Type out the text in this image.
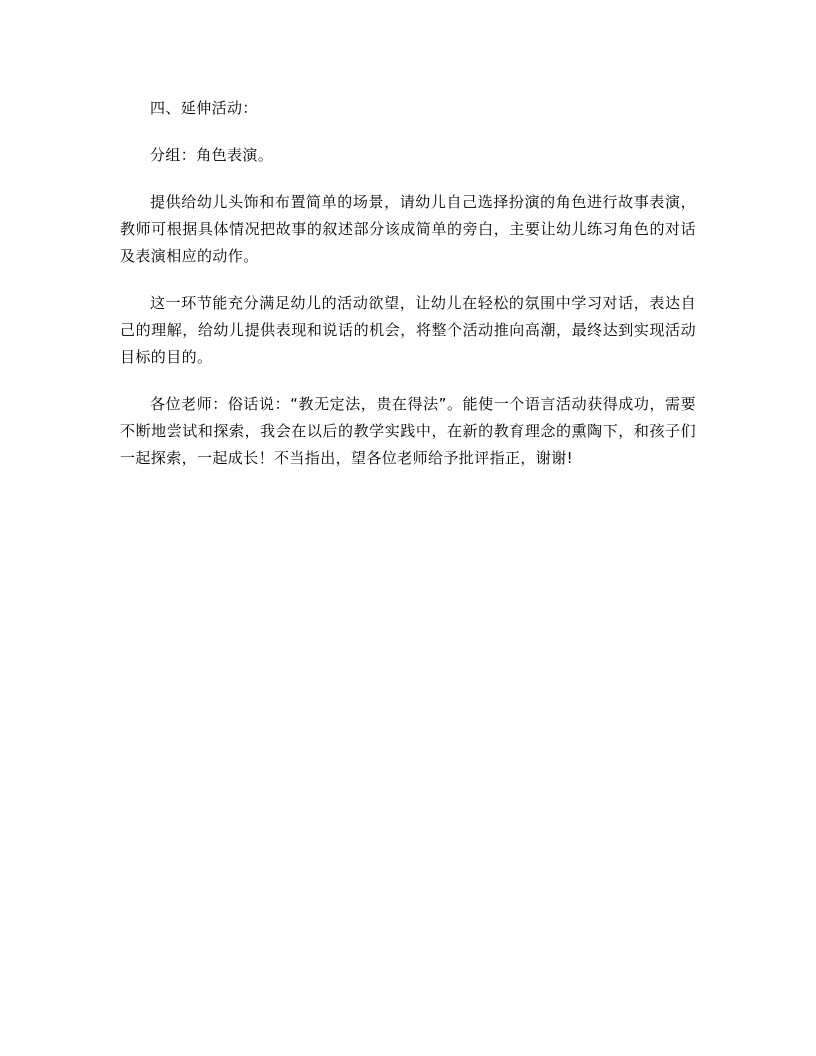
四、延伸活动：

分组：角色表演。

提供给幼儿头饰和布置简单的场景，请幼儿自己选择扮演的角色进行故事表演，教师可根据具体情况把故事的叙述部分该成简单的旁白，主要让幼儿练习角色的对话及表演相应的动作。

这一环节能充分满足幼儿的活动欲望，让幼儿在轻松的氛围中学习对话，表达自己的理解，给幼儿提供表现和说话的机会，将整个活动推向高潮，最终达到实现活动目标的目的。

各位老师：俗话说：“教无定法，贵在得法”。能使一个语言活动获得成功，需要不断地尝试和探索，我会在以后的教学实践中，在新的教育理念的熏陶下，和孩子们一起探索，一起成长！不当指出，望各位老师给予批评指正，谢谢!
